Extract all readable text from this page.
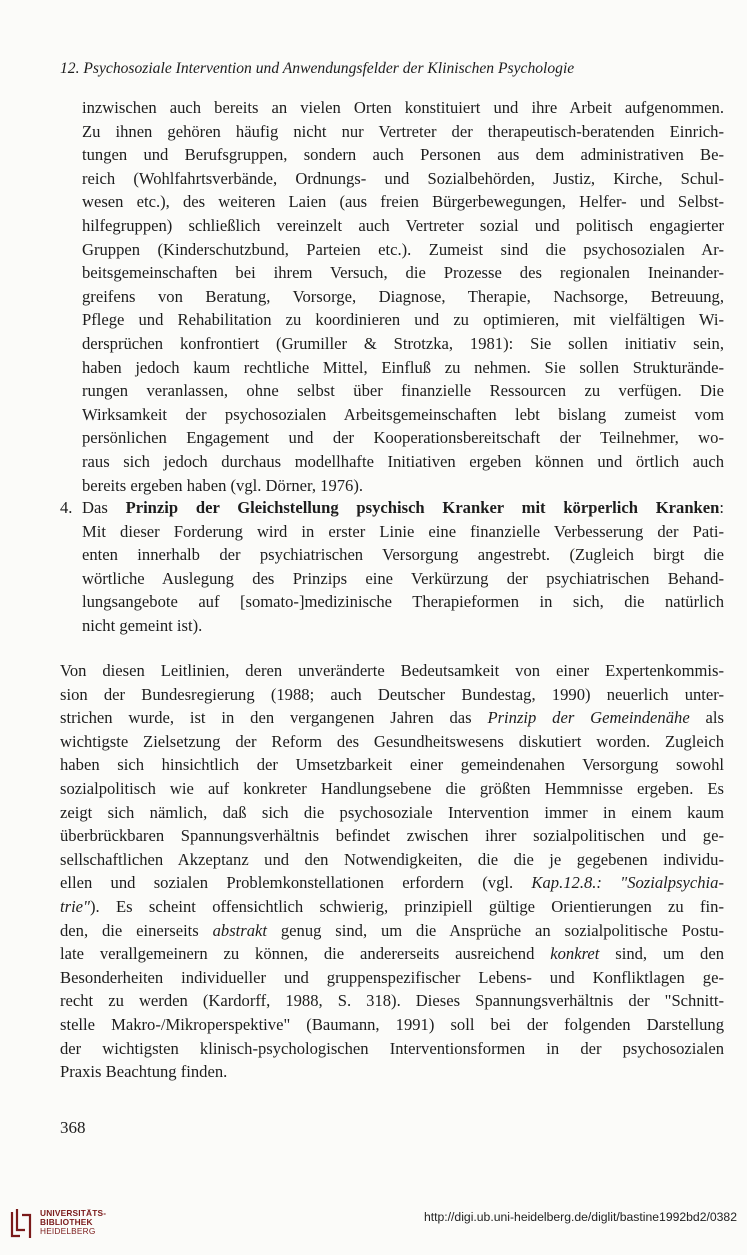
12. Psychosoziale Intervention und Anwendungsfelder der Klinischen Psychologie
inzwischen auch bereits an vielen Orten konstituiert und ihre Arbeit aufgenommen.
Zu ihnen gehören häufig nicht nur Vertreter der therapeutisch-beratenden Einrich-
tungen und Berufsgruppen, sondern auch Personen aus dem administrativen Be-
reich (Wohlfahrtsverbände, Ordnungs- und Sozialbehörden, Justiz, Kirche, Schul-
wesen etc.), des weiteren Laien (aus freien Bürgerbewegungen, Helfer- und Selbst-
hilfegruppen) schließlich vereinzelt auch Vertreter sozial und politisch engagierter
Gruppen (Kinderschutzbund, Parteien etc.). Zumeist sind die psychosozialen Ar-
beitsgemeinschaften bei ihrem Versuch, die Prozesse des regionalen Ineinander-
greifens von Beratung, Vorsorge, Diagnose, Therapie, Nachsorge, Betreuung,
Pflege und Rehabilitation zu koordinieren und zu optimieren, mit vielfältigen Wi-
dersprüchen konfrontiert (Grumiller & Strotzka, 1981): Sie sollen initiativ sein,
haben jedoch kaum rechtliche Mittel, Einfluß zu nehmen. Sie sollen Strukturände-
rungen veranlassen, ohne selbst über finanzielle Ressourcen zu verfügen. Die
Wirksamkeit der psychosozialen Arbeitsgemeinschaften lebt bislang zumeist vom
persönlichen Engagement und der Kooperationsbereitschaft der Teilnehmer, wo-
raus sich jedoch durchaus modellhafte Initiativen ergeben können und örtlich auch
bereits ergeben haben (vgl. Dörner, 1976).
4. Das Prinzip der Gleichstellung psychisch Kranker mit körperlich Kranken:
Mit dieser Forderung wird in erster Linie eine finanzielle Verbesserung der Pati-
enten innerhalb der psychiatrischen Versorgung angestrebt. (Zugleich birgt die
wörtliche Auslegung des Prinzips eine Verkürzung der psychiatrischen Behand-
lungsangebote auf [somato-]medizinische Therapieformen in sich, die natürlich
nicht gemeint ist).
Von diesen Leitlinien, deren unveränderte Bedeutsamkeit von einer Expertenkommis-
sion der Bundesregierung (1988; auch Deutscher Bundestag, 1990) neuerlich unter-
strichen wurde, ist in den vergangenen Jahren das Prinzip der Gemeindenähe als
wichtigste Zielsetzung der Reform des Gesundheitswesens diskutiert worden. Zugleich
haben sich hinsichtlich der Umsetzbarkeit einer gemeindenahen Versorgung sowohl
sozialpolitisch wie auf konkreter Handlungsebene die größten Hemmnisse ergeben. Es
zeigt sich nämlich, daß sich die psychosoziale Intervention immer in einem kaum
überbrückbaren Spannungsverhältnis befindet zwischen ihrer sozialpolitischen und ge-
sellschaftlichen Akzeptanz und den Notwendigkeiten, die die je gegebenen individu-
ellen und sozialen Problemkonstellationen erfordern (vgl. Kap.12.8.: "Sozialpsychia-
trie"). Es scheint offensichtlich schwierig, prinzipiell gültige Orientierungen zu fin-
den, die einerseits abstrakt genug sind, um die Ansprüche an sozialpolitische Postu-
late verallgemeinern zu können, die andererseits ausreichend konkret sind, um den
Besonderheiten individueller und gruppenspezifischer Lebens- und Konfliktlagen ge-
recht zu werden (Kardorff, 1988, S. 318). Dieses Spannungsverhältnis der "Schnitt-
stelle Makro-/Mikroperspektive" (Baumann, 1991) soll bei der folgenden Darstellung
der wichtigsten klinisch-psychologischen Interventionsformen in der psychosozialen
Praxis Beachtung finden.
368
UNIVERSITÄTS-
BIBLIOTHEK
HEIDELBERG
http://digi.ub.uni-heidelberg.de/diglit/bastine1992bd2/0382
